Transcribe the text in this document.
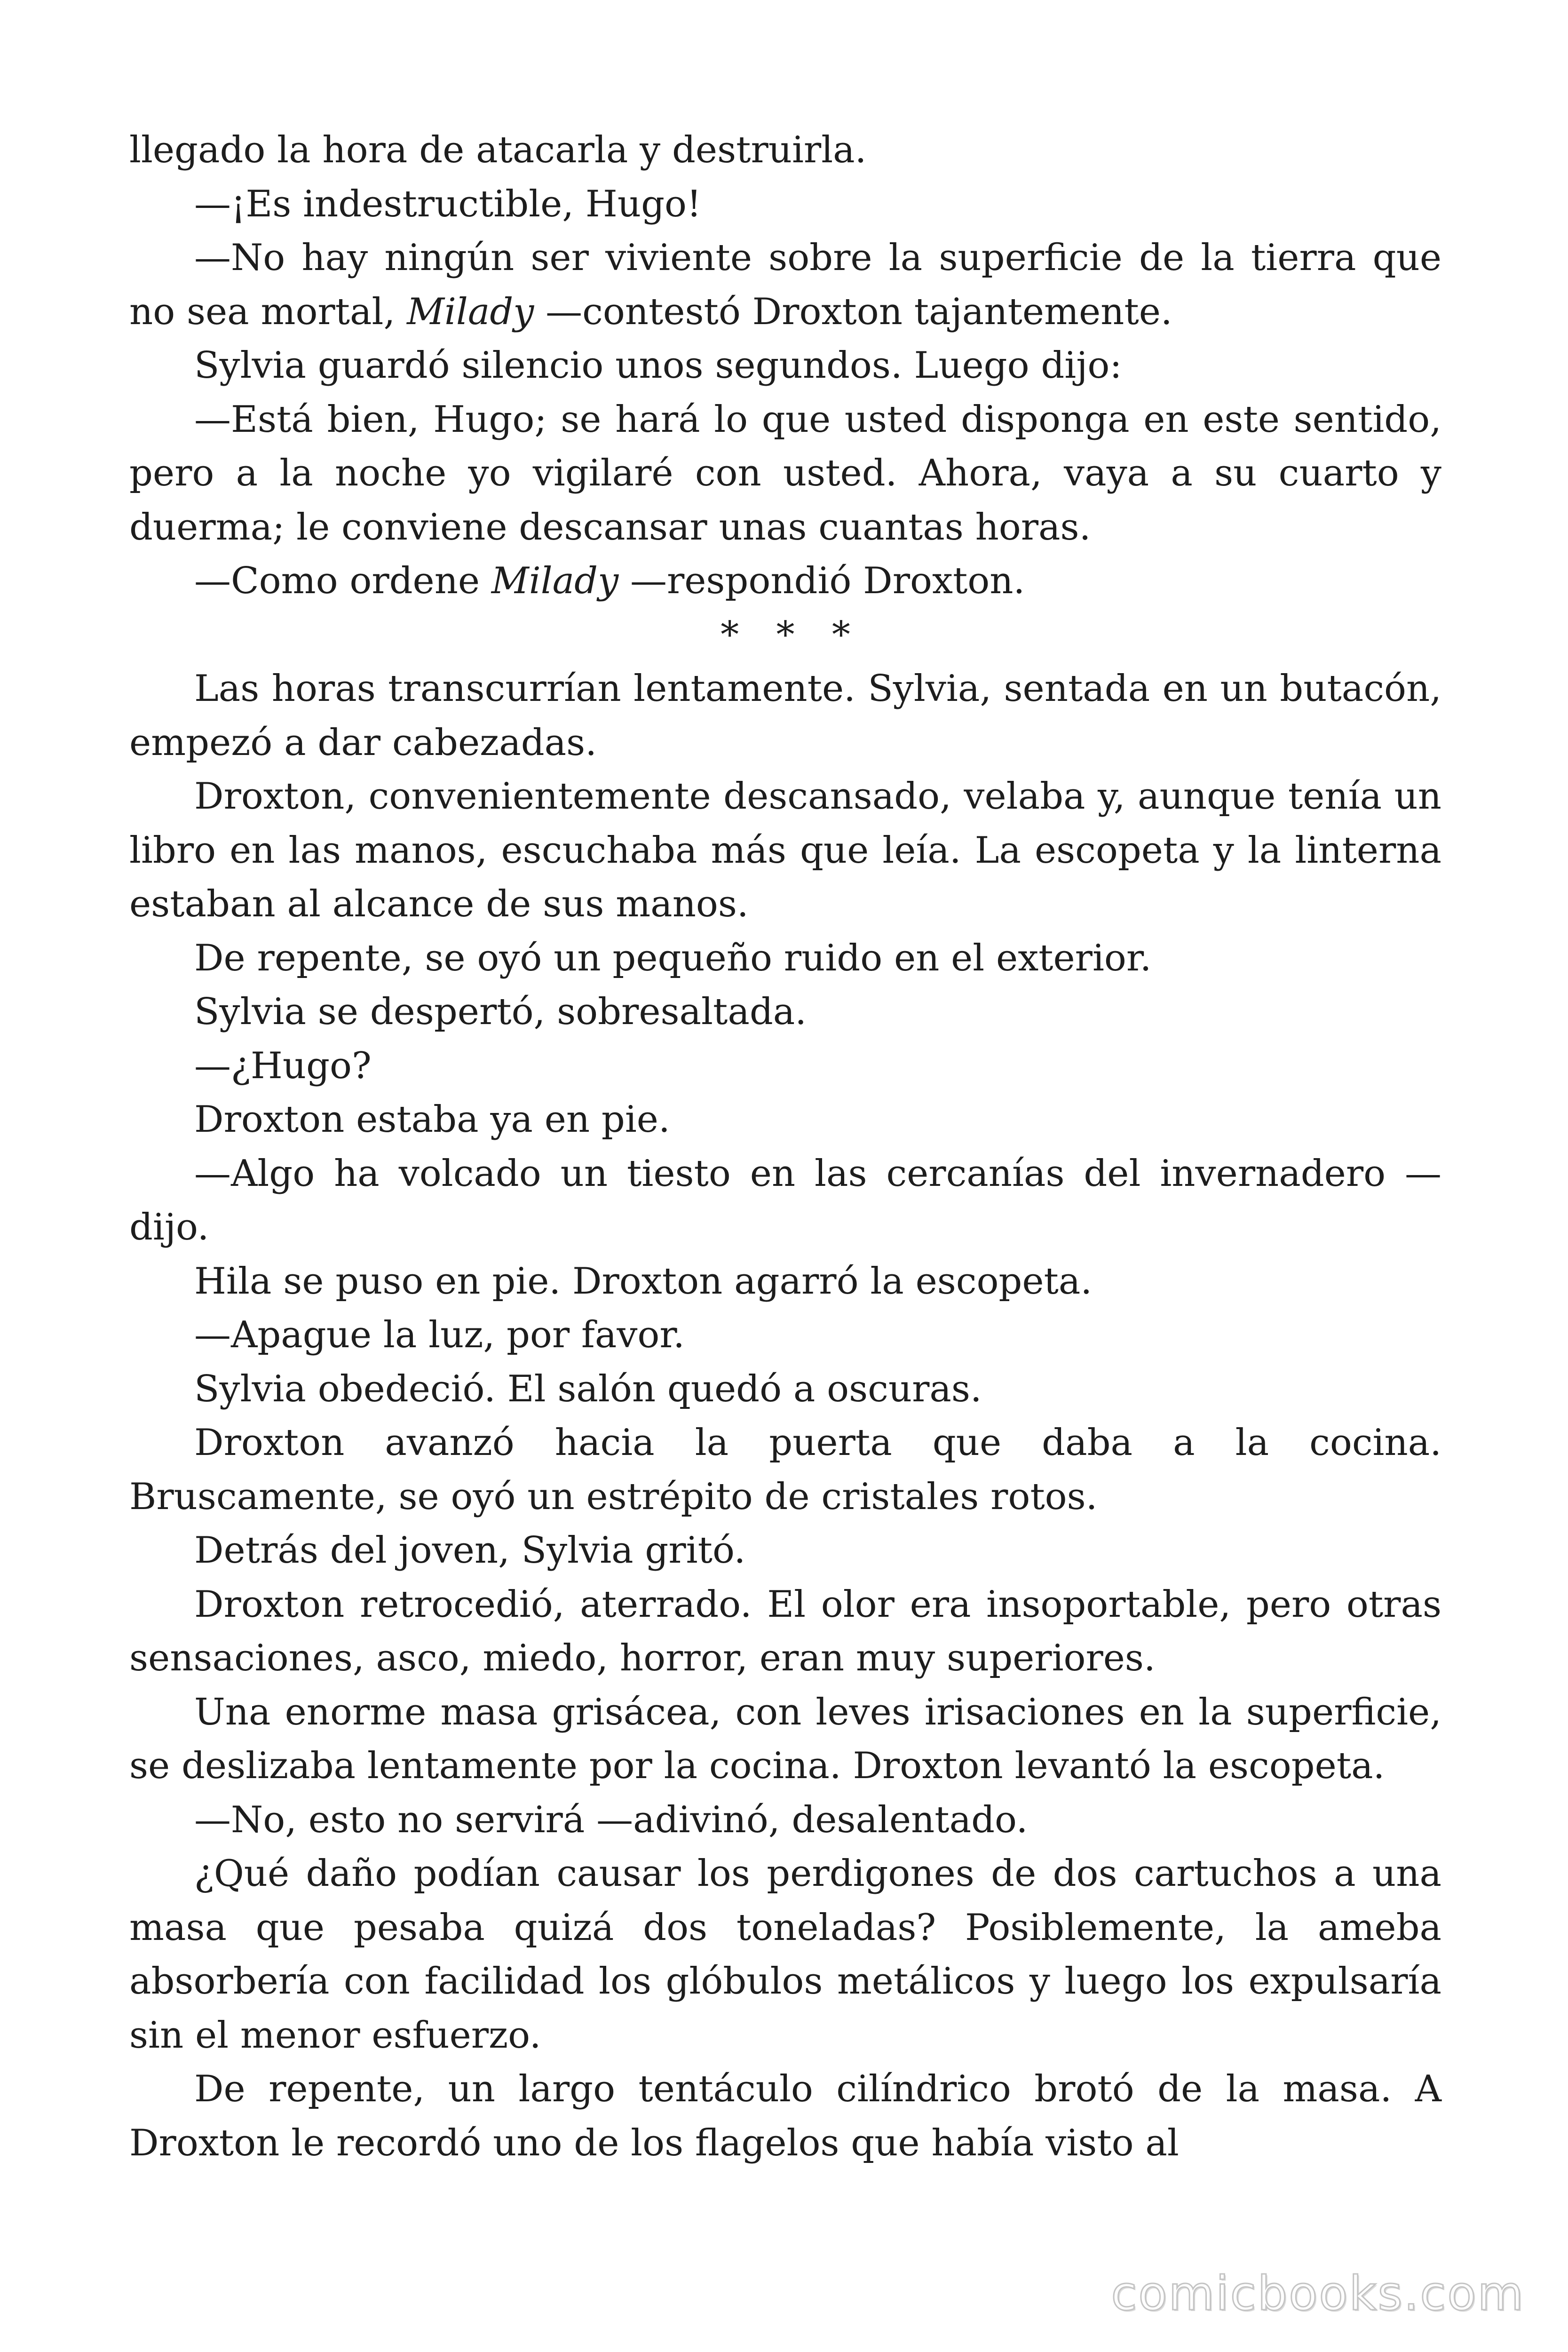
llegado la hora de atacarla y destruirla.

—¡Es indestructible, Hugo!

—No hay ningún ser viviente sobre la superficie de la tierra que no sea mortal, Milady —contestó Droxton tajantemente.

Sylvia guardó silencio unos segundos. Luego dijo:

—Está bien, Hugo; se hará lo que usted disponga en este sentido, pero a la noche yo vigilaré con usted. Ahora, vaya a su cuarto y duerma; le conviene descansar unas cuantas horas.

—Como ordene Milady —respondió Droxton.

* * *

Las horas transcurrían lentamente. Sylvia, sentada en un butacón, empezó a dar cabezadas.

Droxton, convenientemente descansado, velaba y, aunque tenía un libro en las manos, escuchaba más que leía. La escopeta y la linterna estaban al alcance de sus manos.

De repente, se oyó un pequeño ruido en el exterior.

Sylvia se despertó, sobresaltada.

—¿Hugo?

Droxton estaba ya en pie.

—Algo ha volcado un tiesto en las cercanías del invernadero —dijo.

Hila se puso en pie. Droxton agarró la escopeta.

—Apague la luz, por favor.

Sylvia obedeció. El salón quedó a oscuras.

Droxton avanzó hacia la puerta que daba a la cocina. Bruscamente, se oyó un estrépito de cristales rotos.

Detrás del joven, Sylvia gritó.

Droxton retrocedió, aterrado. El olor era insoportable, pero otras sensaciones, asco, miedo, horror, eran muy superiores.

Una enorme masa grisácea, con leves irisaciones en la superficie, se deslizaba lentamente por la cocina. Droxton levantó la escopeta.

—No, esto no servirá —adivinó, desalentado.

¿Qué daño podían causar los perdigones de dos cartuchos a una masa que pesaba quizá dos toneladas? Posiblemente, la ameba absorbería con facilidad los glóbulos metálicos y luego los expulsaría sin el menor esfuerzo.

De repente, un largo tentáculo cilíndrico brotó de la masa. A Droxton le recordó uno de los flagelos que había visto al

comicbooks.com
